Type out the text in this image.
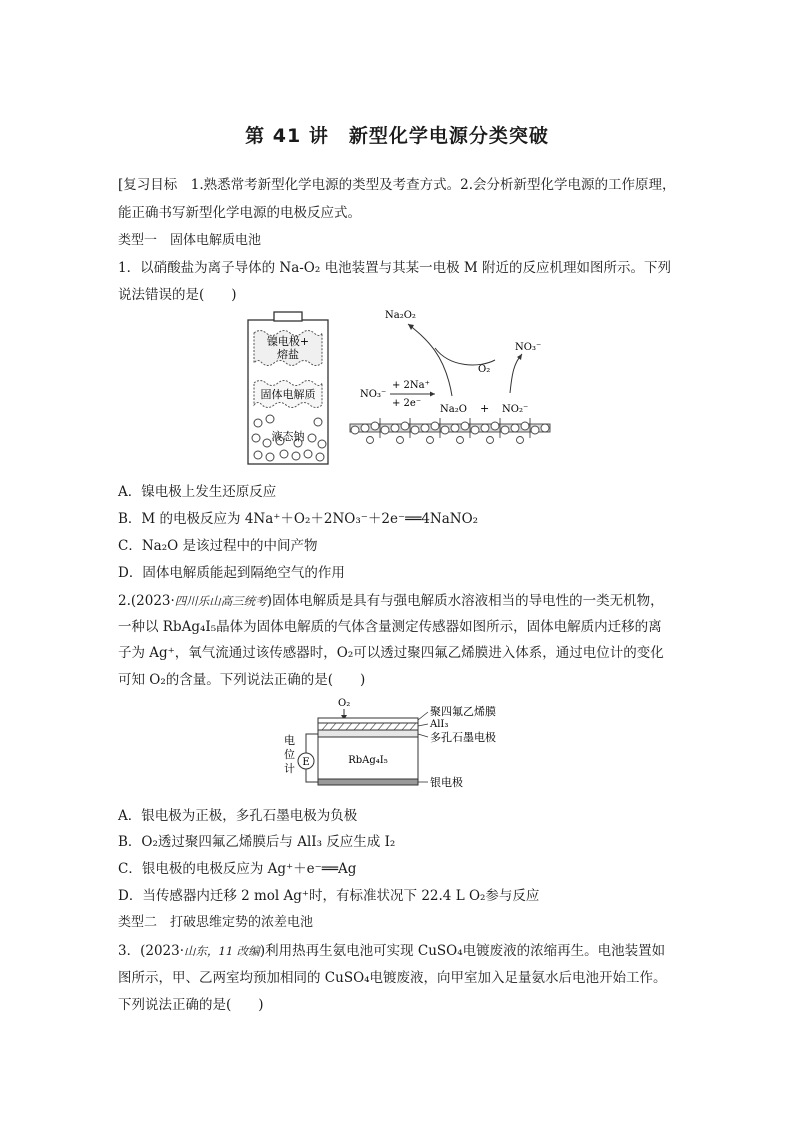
第 41 讲　新型化学电源分类突破
[复习目标　1.熟悉常考新型化学电源的类型及考查方式。2.会分析新型化学电源的工作原理，
能正确书写新型化学电源的电极反应式。
类型一　固体电解质电池
1．以硝酸盐为离子导体的 Na-O₂ 电池装置与其某一电极 M 附近的反应机理如图所示。下列
说法错误的是(　　)
镍电极+
熔盐
固体电解质
液态钠
Na₂O₂
NO₃⁻
O₂
NO₃⁻
+ 2Na⁺
+ 2e⁻
Na₂O + NO₂⁻
A．镍电极上发生还原反应
B．M 的电极反应为 4Na⁺＋O₂＋2NO₃⁻＋2e⁻══4NaNO₂
C．Na₂O 是该过程中的中间产物
D．固体电解质能起到隔绝空气的作用
2.(2023·四川乐山高三统考)固体电解质是具有与强电解质水溶液相当的导电性的一类无机物，
一种以 RbAg₄I₅晶体为固体电解质的气体含量测定传感器如图所示，固体电解质内迁移的离
子为 Ag⁺，氧气流通过该传感器时，O₂可以透过聚四氟乙烯膜进入体系，通过电位计的变化
可知 O₂的含量。下列说法正确的是(　　)
O₂
RbAg₄I₅
聚四氟乙烯膜
AlI₃
多孔石墨电极
银电极
E
电
位
计
A．银电极为正极，多孔石墨电极为负极
B．O₂透过聚四氟乙烯膜后与 AlI₃ 反应生成 I₂
C．银电极的电极反应为 Ag⁺＋e⁻══Ag
D．当传感器内迁移 2 mol Ag⁺时，有标准状况下 22.4 L O₂参与反应
类型二　打破思维定势的浓差电池
3．(2023·山东，11 改编)利用热再生氨电池可实现 CuSO₄电镀废液的浓缩再生。电池装置如
图所示，甲、乙两室均预加相同的 CuSO₄电镀废液，向甲室加入足量氨水后电池开始工作。
下列说法正确的是(　　)
